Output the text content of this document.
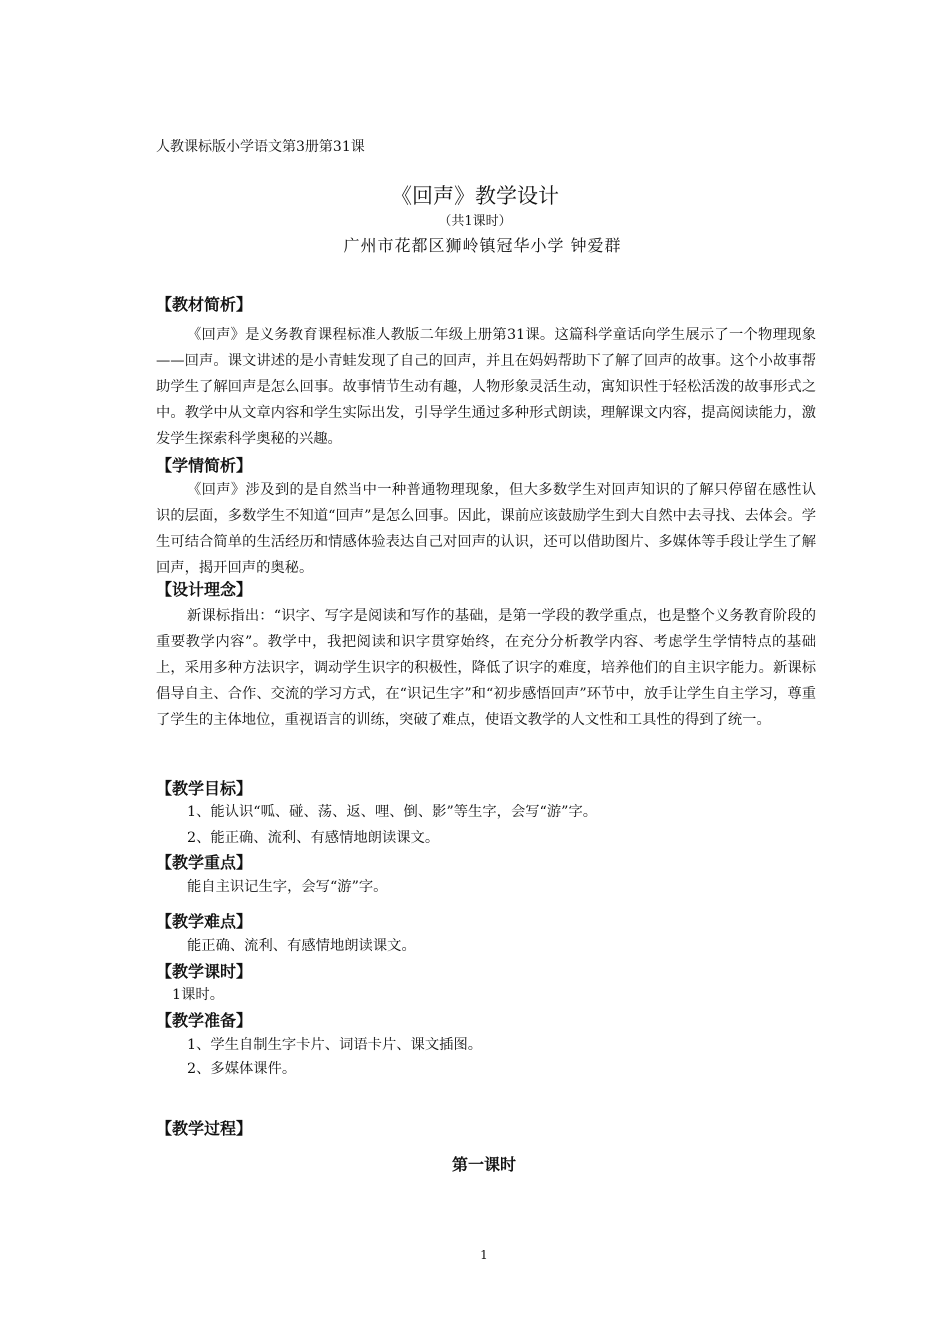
人教课标版小学语文第3册第31课
《回声》教学设计
（共1课时）
广州市花都区狮岭镇冠华小学 钟爱群
【教材简析】
《回声》是义务教育课程标准人教版二年级上册第31课。这篇科学童话向学生展示了一个物理现象——回声。课文讲述的是小青蛙发现了自己的回声，并且在妈妈帮助下了解了回声的故事。这个小故事帮助学生了解回声是怎么回事。故事情节生动有趣，人物形象灵活生动，寓知识性于轻松活泼的故事形式之中。教学中从文章内容和学生实际出发，引导学生通过多种形式朗读，理解课文内容，提高阅读能力，激发学生探索科学奥秘的兴趣。
【学情简析】
《回声》涉及到的是自然当中一种普通物理现象，但大多数学生对回声知识的了解只停留在感性认识的层面，多数学生不知道“回声”是怎么回事。因此，课前应该鼓励学生到大自然中去寻找、去体会。学生可结合简单的生活经历和情感体验表达自己对回声的认识，还可以借助图片、多媒体等手段让学生了解回声，揭开回声的奥秘。
【设计理念】
新课标指出：“识字、写字是阅读和写作的基础，是第一学段的教学重点，也是整个义务教育阶段的重要教学内容”。教学中，我把阅读和识字贯穿始终，在充分分析教学内容、考虑学生学情特点的基础上，采用多种方法识字，调动学生识字的积极性，降低了识字的难度，培养他们的自主识字能力。新课标倡导自主、合作、交流的学习方式，在“识记生字”和“初步感悟回声”环节中，放手让学生自主学习，尊重了学生的主体地位，重视语言的训练，突破了难点，使语文教学的人文性和工具性的得到了统一。
【教学目标】
1、能认识“呱、碰、荡、返、哩、倒、影”等生字，会写“游”字。
2、能正确、流利、有感情地朗读课文。
【教学重点】
能自主识记生字，会写“游”字。
【教学难点】
能正确、流利、有感情地朗读课文。
【教学课时】
1课时。
【教学准备】
1、学生自制生字卡片、词语卡片、课文插图。
2、多媒体课件。
【教学过程】
第一课时
1
